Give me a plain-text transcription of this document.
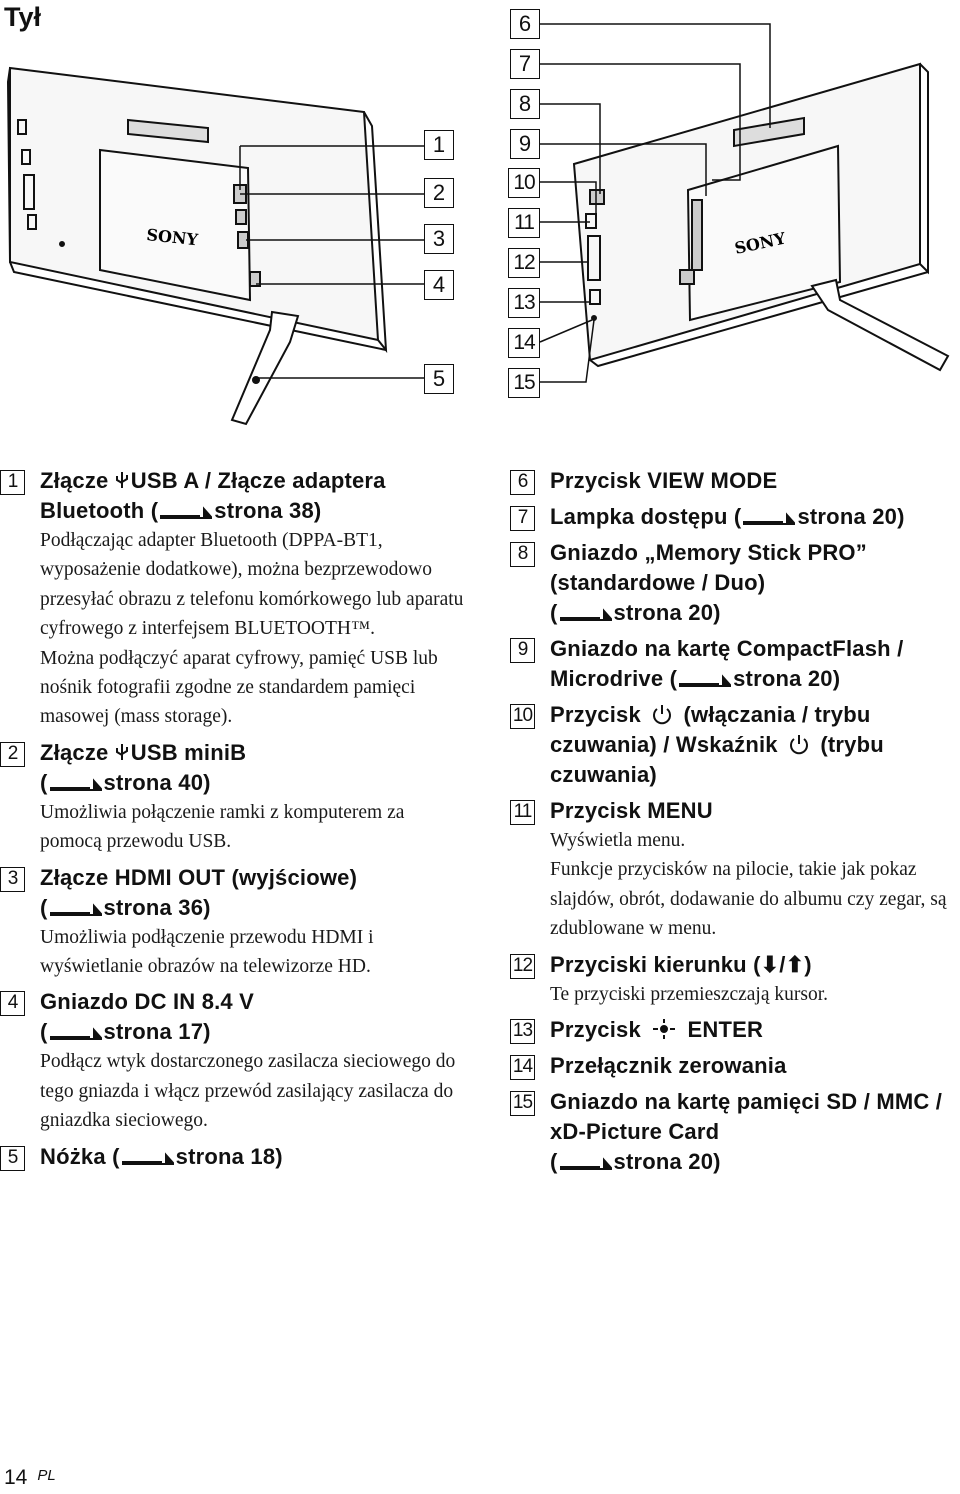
Tył
SONY	SONY
1
2
3
4
5
6
7
8
9
10
11
12
13
14
15
1	Złącze USB A / Złącze adaptera Bluetooth (	strona 38)
Podłączając adapter Bluetooth (DPPA-BT1, wyposażenie dodatkowe), można bezprzewodowo przesyłać obrazu z telefonu komórkowego lub aparatu cyfrowego z interfejsem BLUETOOTH™.
Można podłączyć aparat cyfrowy, pamięć USB lub nośnik fotografii zgodne ze standardem pamięci masowej (mass storage).
2	Złącze USB miniB
(	strona 40)
Umożliwia połączenie ramki z komputerem za pomocą przewodu USB.
3	Złącze HDMI OUT (wyjściowe)
(	strona 36)
Umożliwia podłączenie przewodu HDMI i wyświetlanie obrazów na telewizorze HD.
4	Gniazdo DC IN 8.4 V
(	strona 17)
Podłącz wtyk dostarczonego zasilacza sieciowego do tego gniazda i włącz przewód zasilający zasilacza do gniazdka sieciowego.
5	Nóżka (	strona 18)
6	Przycisk VIEW MODE
7	Lampka dostępu (	strona 20)
8	Gniazdo „Memory Stick PRO” (standardowe / Duo)
(	strona 20)
9	Gniazdo na kartę CompactFlash / Microdrive (	strona 20)
10 Przycisk  (włączania / trybu czuwania) / Wskaźnik  (trybu czuwania)
11 Przycisk MENU
Wyświetla menu.
Funkcje przycisków na pilocie, takie jak pokaz slajdów, obrót, dodawanie do albumu czy zegar, są zdublowane w menu.
12 Przyciski kierunku (⬇/⬆)
Te przyciski przemieszczają kursor.
13 Przycisk  ENTER
14 Przełącznik zerowania
15 Gniazdo na kartę pamięci SD / MMC / xD-Picture Card
(	strona 20)
14 PL
